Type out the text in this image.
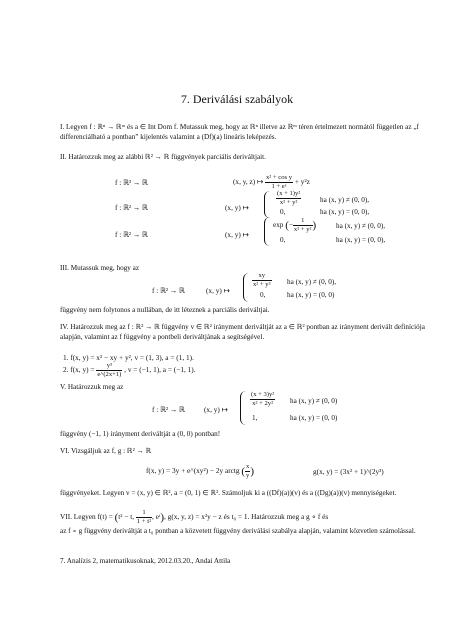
7. Deriválási szabályok
I. Legyen f : ℝⁿ → ℝᵐ és a ∈ Int Dom f. Mutassuk meg, hogy az ℝⁿ illetve az ℝᵐ téren értelmezett normától független az „f differenciálható a pontban” kijelentés valamint a (Df)(a) lineáris leképezés.
II. Határozzuk meg az alábbi ℝ² → ℝ függvények parciális deriváltjait.
f : ℝ³ → ℝ	(x, y, z) ↦ $\frac{\text{x² + cos y}}{\text{1 + eᶻ}} + y^2z$
f : ℝ² → ℝ	(x, y) ↦
$\frac{\text{(x + 1)y²}}{\text{x² + y²}}$	ha (x, y) ≠ (0, 0),
0,	ha (x, y) = (0, 0),
f : ℝ² → ℝ	(x, y) ↦
exp (− $\frac{1}{\text{x² + y²}}$ )	ha (x, y) ≠ (0, 0),
0,	ha (x, y) = (0, 0),
III. Mutassuk meg, hogy az
f : ℝ² → ℝ	(x, y) ↦
$\frac{xy}{\text{x² + y²}}$ ha (x, y) ≠ (0, 0),
0,	ha (x, y) = (0, 0)
függvény nem folytonos a nullában, de itt léteznek a parciális deriváltjai.
IV. Határozzuk meg az f : ℝ² → ℝ függvény v ∈ ℝ² irányment deriváltját az a ∈ ℝ² pontban az irányment derivált definíciója alapján, valamint az f függvény a pontbeli deriváltjának a segítségével.
1. f(x, y) = x² − xy + y², v = (1, 3), a = (1, 1).
2. f(x, $y) = \frac{\text{y³}}{e\^{}(2x+1)}$ , v = (−1, 1), a = (−1, 1).
V. Határozzuk meg az
f : ℝ² → ℝ	(x, y) ↦
$\frac{\text{(x + 3)y²}}{\text{x² + 2y²}}$ ha (x, y) ≠ (0, 0)
1,	ha (x, y) = (0, 0)
függvény (−1, 1) irányment deriváltját a (0, 0) pontban!
VI. Vizsgáljuk az f, g : ℝ² → ℝ
f(x, y) = 3y + e^(xy²) − 2y arctg ( $\frac{x}{y}$ )	g(x, y) = (3x² + 1)^(2y³)
függvényeket. Legyen v = (x, y) ∈ ℝ², a = (0, 1) ∈ ℝ². Számoljuk ki a ((Df)(a))(v) és a ((Dg)(a))(v) mennyiségeket.
VII. Legyen f(t) = (t² − t, $\frac{1}{\text{1 + t²}}$ , eᵗ), g(x, y, z) = x²y − z és t₀ = 1. Határozzuk meg a g ∘ f és
az f ∘ g függvény deriváltját a t₀ pontban a közvetett függvény deriválási szabálya alapján, valamint közvetlen számolással.
7. Analízis 2, matematikusoknak, 2012.03.20., Andai Attila
